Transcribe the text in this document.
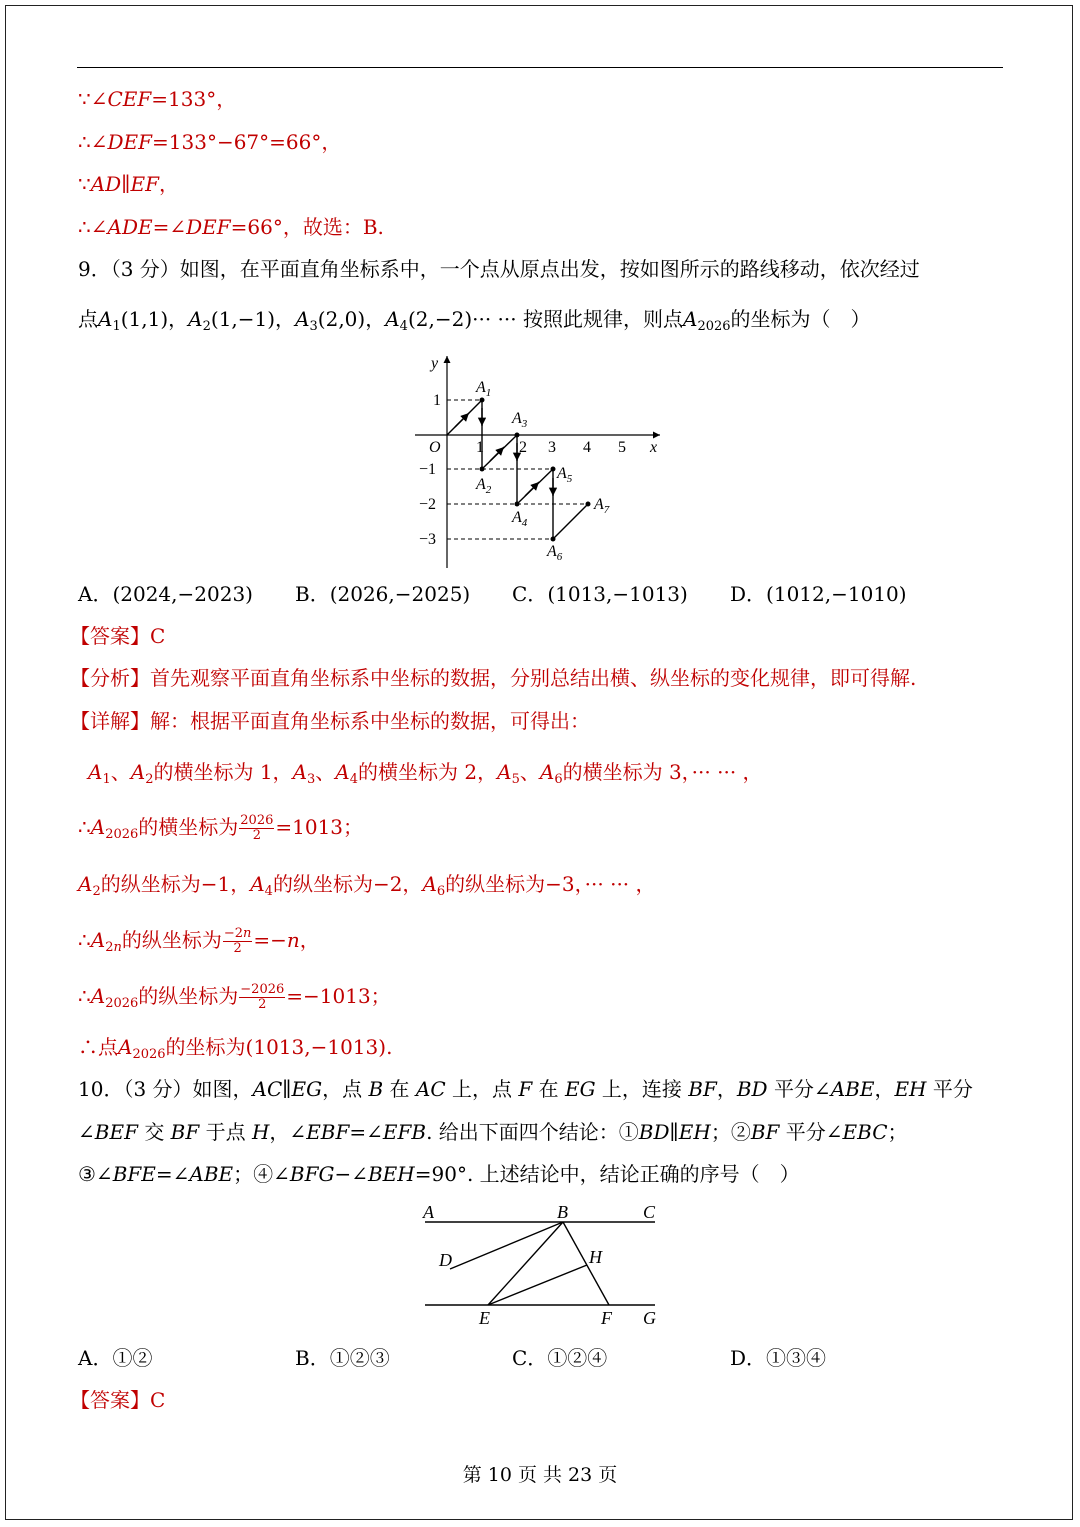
∵∠CEF=133°，
∴∠DEF=133°−67°=66°，
∵AD∥EF，
∴∠ADE=∠DEF=66°，故选：B.
9．（3 分）如图，在平面直角坐标系中，一个点从原点出发，按如图所示的路线移动，依次经过
点$A_1(1,1)$，$A_2(1,-1)$，$A_3(2,0)$，$A_4(2,-2)\cdot\cdot\cdot$ ··· 按照此规律，则点$A_{2026}$的坐标为（　）
y
x
O 1 2 3 4 5
1
−1
−2
−3
$A_1$
$A_2$
$A_3$
$A_4$
$A_5$
$A_6$
$A_7$
A．(2024,−2023) B．(2026,−2025) C．(1013,−1013) D．(1012,−1010)
【答案】C
【分析】首先观察平面直角坐标系中坐标的数据，分别总结出横、纵坐标的变化规律，即可得解.
【详解】解：根据平面直角坐标系中坐标的数据，可得出：
$A_1$、$A_2$的横坐标为 1，$A_3$、$A_4$的横坐标为 2，$A_5$、$A_6$的横坐标为 3，··· ··· ，
$\therefore A_{2026}$的横坐标为 $\frac{2026}{2} =1013$；
$A_2$的纵坐标为−1，$A_4$的纵坐标为−2，$A_6$的纵坐标为−3，··· ··· ，
$\therefore A_{2n}$的纵坐标为 $\frac{-2n}{2} =-n$，
$\therefore A_{2026}$的纵坐标为 $\frac{-2026}{2} =-1013$；
∴点$A_{2026}$的坐标为(1013,−1013).
10．（3 分）如图，AC∥EG，点 B 在 AC 上，点 F 在 EG 上，连接 BF，BD 平分∠ABE，EH 平分
∠BEF 交 BF 于点 H，∠EBF=∠EFB. 给出下面四个结论：①BD∥EH；②BF 平分∠EBC；
③∠BFE=∠ABE；④∠BFG−∠BEH=90°. 上述结论中，结论正确的序号（　）
A	B	C
D	H
E	F G
A．①②	B．①②③	C．①②④	D．①③④
【答案】C
第 10 页 共 23 页
